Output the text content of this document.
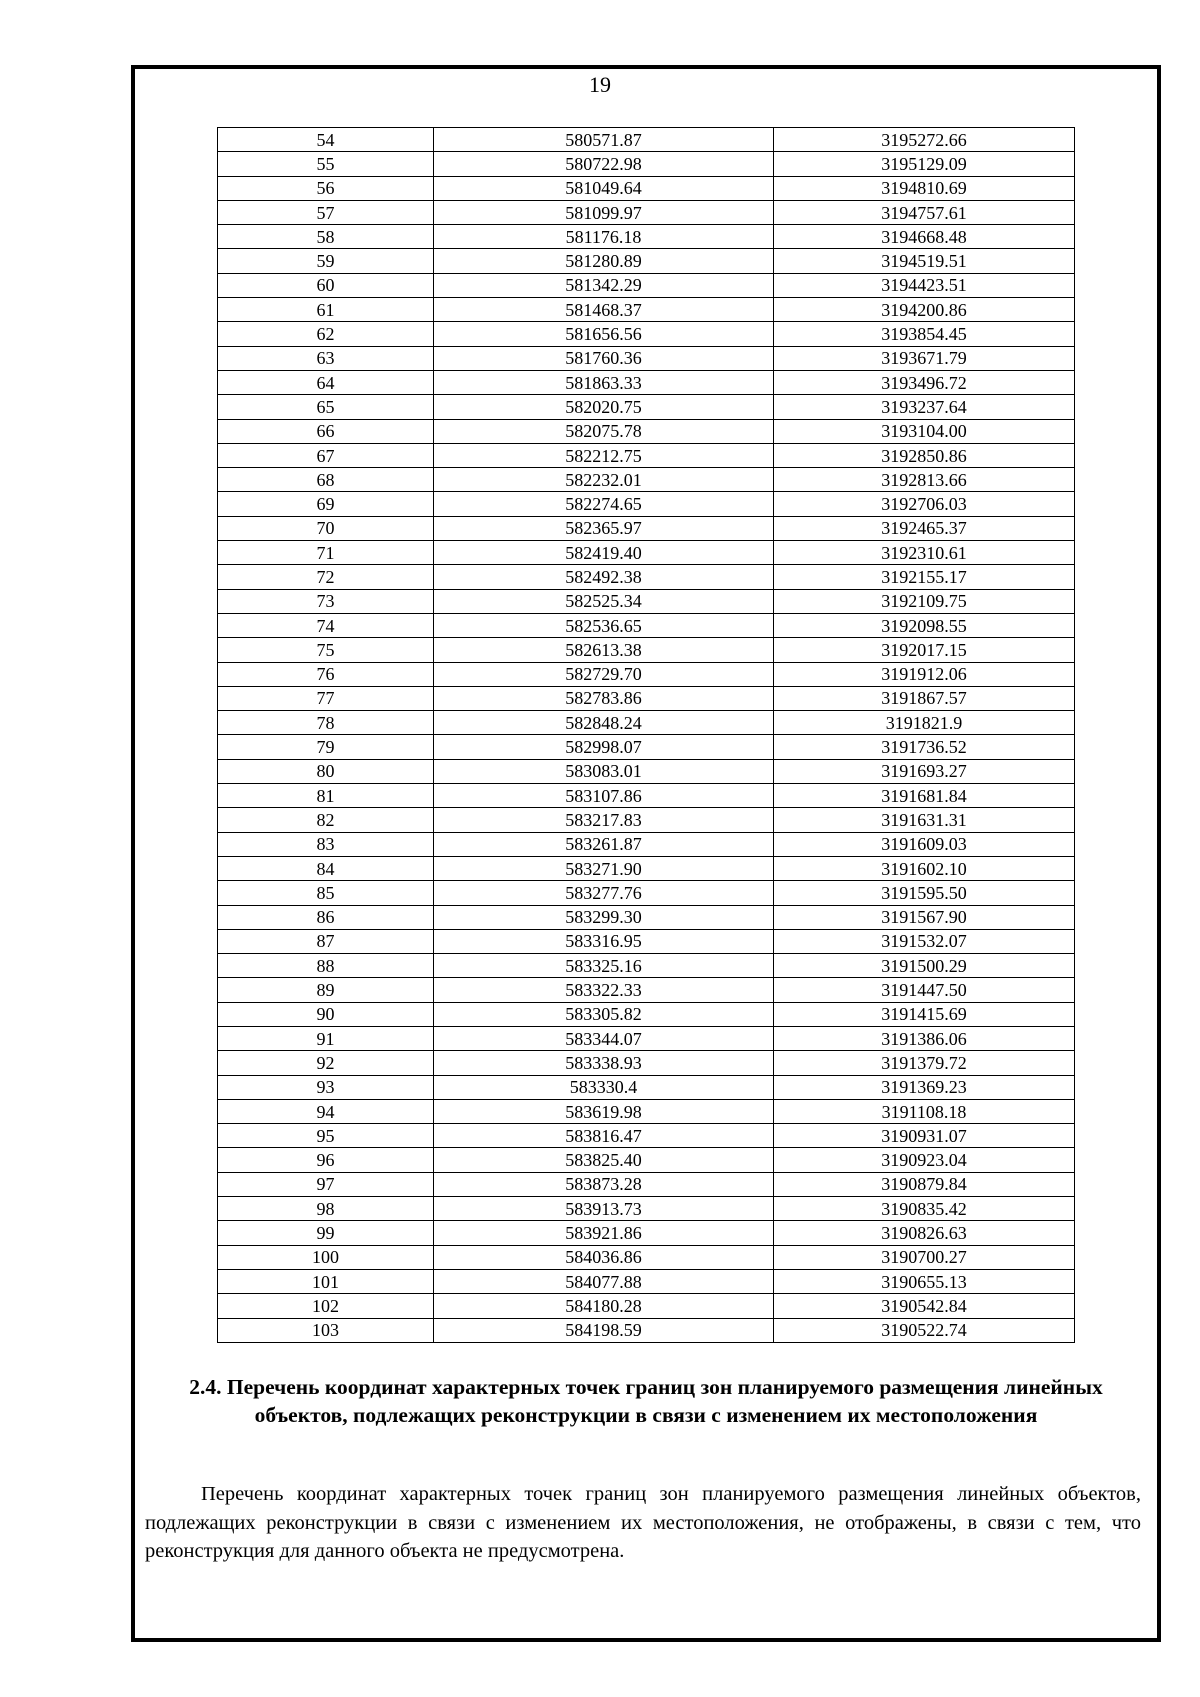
19
54	580571.87	3195272.66
55	580722.98	3195129.09
56	581049.64	3194810.69
57	581099.97	3194757.61
58	581176.18	3194668.48
59	581280.89	3194519.51
60	581342.29	3194423.51
61	581468.37	3194200.86
62	581656.56	3193854.45
63	581760.36	3193671.79
64	581863.33	3193496.72
65	582020.75	3193237.64
66	582075.78	3193104.00
67	582212.75	3192850.86
68	582232.01	3192813.66
69	582274.65	3192706.03
70	582365.97	3192465.37
71	582419.40	3192310.61
72	582492.38	3192155.17
73	582525.34	3192109.75
74	582536.65	3192098.55
75	582613.38	3192017.15
76	582729.70	3191912.06
77	582783.86	3191867.57
78	582848.24	3191821.9
79	582998.07	3191736.52
80	583083.01	3191693.27
81	583107.86	3191681.84
82	583217.83	3191631.31
83	583261.87	3191609.03
84	583271.90	3191602.10
85	583277.76	3191595.50
86	583299.30	3191567.90
87	583316.95	3191532.07
88	583325.16	3191500.29
89	583322.33	3191447.50
90	583305.82	3191415.69
91	583344.07	3191386.06
92	583338.93	3191379.72
93	583330.4	3191369.23
94	583619.98	3191108.18
95	583816.47	3190931.07
96	583825.40	3190923.04
97	583873.28	3190879.84
98	583913.73	3190835.42
99	583921.86	3190826.63
100	584036.86	3190700.27
101	584077.88	3190655.13
102	584180.28	3190542.84
103	584198.59	3190522.74
2.4. Перечень координат характерных точек границ зон планируемого размещения линейных объектов, подлежащих реконструкции в связи с изменением их местоположения
Перечень координат характерных точек границ зон планируемого размещения линейных объектов, подлежащих реконструкции в связи с изменением их местоположения, не отображены, в связи с тем, что реконструкция для данного объекта не предусмотрена.
